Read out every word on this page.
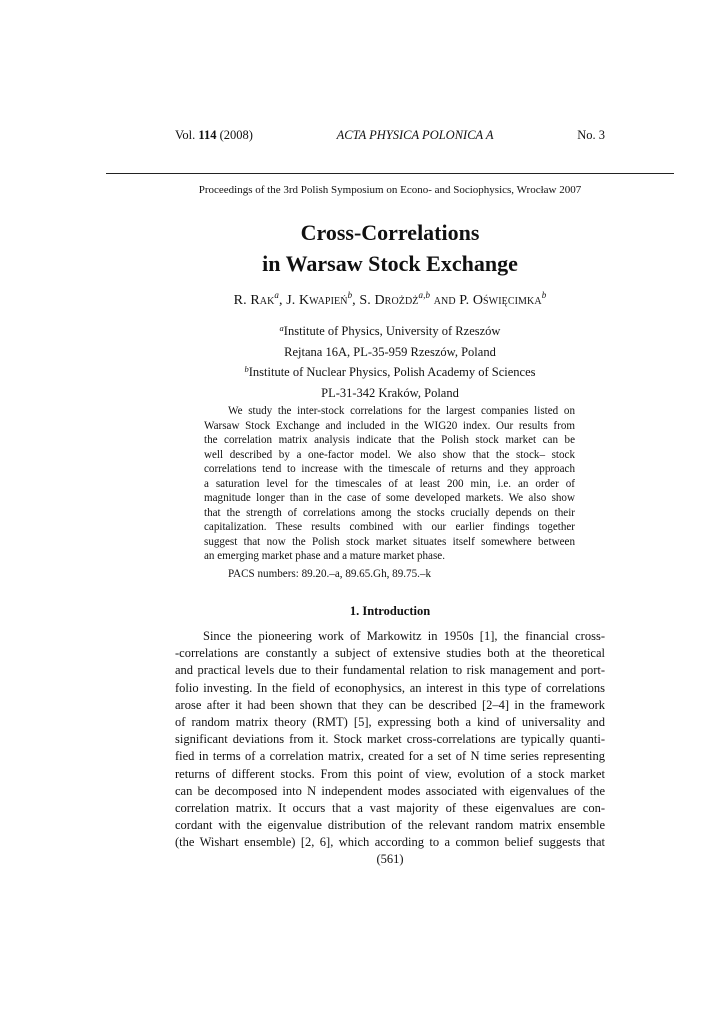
Vol. 114 (2008)	ACTA PHYSICA POLONICA A	No. 3
Proceedings of the 3rd Polish Symposium on Econo- and Sociophysics, Wrocław 2007
Cross-Correlations
in Warsaw Stock Exchange
R. Rak$^a$, J. Kwapień$^b$, S. Drożdż$^{a,b}$ and P. Oświęcimka$^b$
$^a$Institute of Physics, University of Rzeszów
Rejtana 16A, PL-35-959 Rzeszów, Poland
$^b$Institute of Nuclear Physics, Polish Academy of Sciences
PL-31-342 Kraków, Poland
We study the inter-stock correlations for the largest companies listed on
Warsaw Stock Exchange and included in the WIG20 index. Our results from
the correlation matrix analysis indicate that the Polish stock market can be
well described by a one-factor model. We also show that the stock– stock
correlations tend to increase with the timescale of returns and they approach
a saturation level for the timescales of at least 200 min, i.e. an order of
magnitude longer than in the case of some developed markets. We also show
that the strength of correlations among the stocks crucially depends on their
capitalization. These results combined with our earlier findings together
suggest that now the Polish stock market situates itself somewhere between
an emerging market phase and a mature market phase.
PACS numbers: 89.20.–a, 89.65.Gh, 89.75.–k
1. Introduction
Since the pioneering work of Markowitz in 1950s [1], the financial cross-
-correlations are constantly a subject of extensive studies both at the theoretical
and practical levels due to their fundamental relation to risk management and port-
folio investing. In the field of econophysics, an interest in this type of correlations
arose after it had been shown that they can be described [2–4] in the framework
of random matrix theory (RMT) [5], expressing both a kind of universality and
significant deviations from it. Stock market cross-correlations are typically quanti-
fied in terms of a correlation matrix, created for a set of N time series representing
returns of different stocks. From this point of view, evolution of a stock market
can be decomposed into N independent modes associated with eigenvalues of the
correlation matrix. It occurs that a vast majority of these eigenvalues are con-
cordant with the eigenvalue distribution of the relevant random matrix ensemble
(the Wishart ensemble) [2, 6], which according to a common belief suggests that
(561)
